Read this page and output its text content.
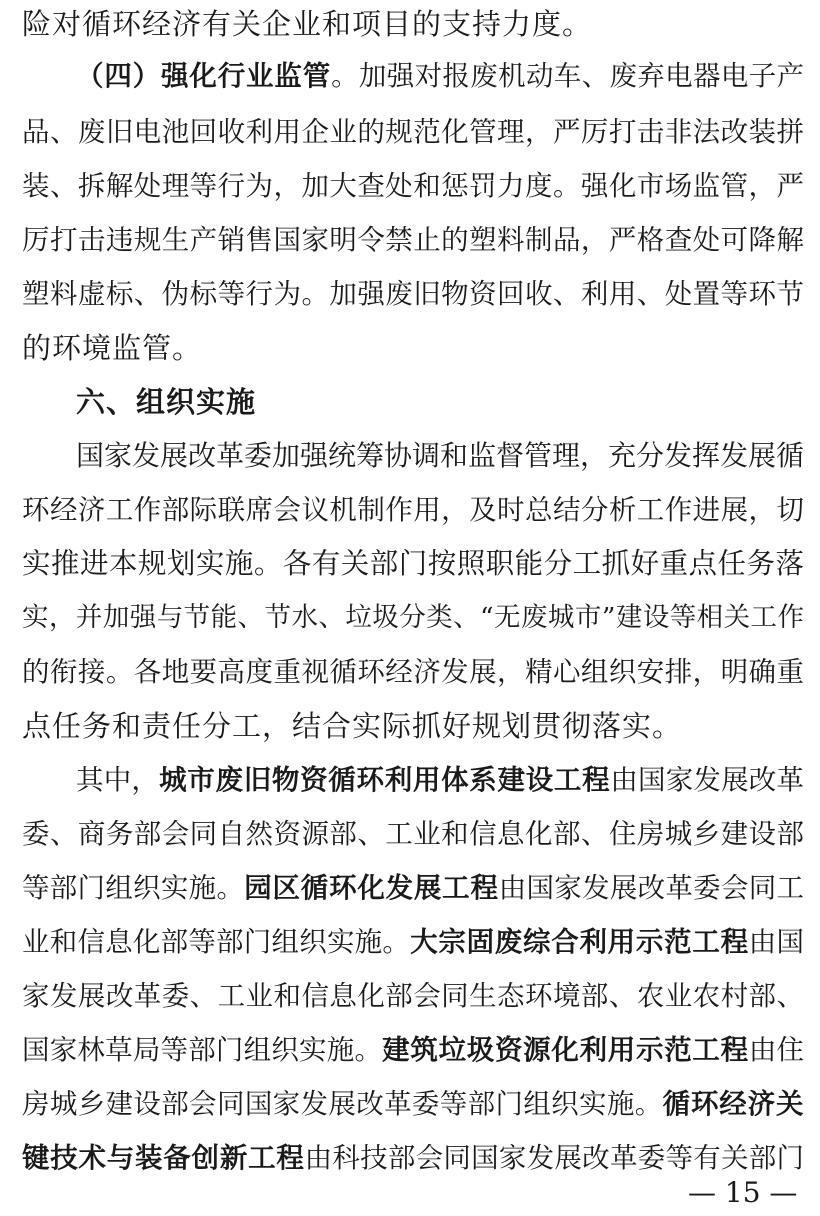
险对循环经济有关企业和项目的支持力度。
（四）强化行业监管。加强对报废机动车、废弃电器电子产
品、废旧电池回收利用企业的规范化管理，严厉打击非法改装拼
装、拆解处理等行为，加大查处和惩罚力度。强化市场监管，严
厉打击违规生产销售国家明令禁止的塑料制品，严格查处可降解
塑料虚标、伪标等行为。加强废旧物资回收、利用、处置等环节
的环境监管。
六、组织实施
国家发展改革委加强统筹协调和监督管理，充分发挥发展循
环经济工作部际联席会议机制作用，及时总结分析工作进展，切
实推进本规划实施。各有关部门按照职能分工抓好重点任务落
实，并加强与节能、节水、垃圾分类、“无废城市”建设等相关工作
的衔接。各地要高度重视循环经济发展，精心组织安排，明确重
点任务和责任分工，结合实际抓好规划贯彻落实。
其中，城市废旧物资循环利用体系建设工程由国家发展改革
委、商务部会同自然资源部、工业和信息化部、住房城乡建设部
等部门组织实施。园区循环化发展工程由国家发展改革委会同工
业和信息化部等部门组织实施。大宗固废综合利用示范工程由国
家发展改革委、工业和信息化部会同生态环境部、农业农村部、
国家林草局等部门组织实施。建筑垃圾资源化利用示范工程由住
房城乡建设部会同国家发展改革委等部门组织实施。循环经济关
键技术与装备创新工程由科技部会同国家发展改革委等有关部门
— 15 —
